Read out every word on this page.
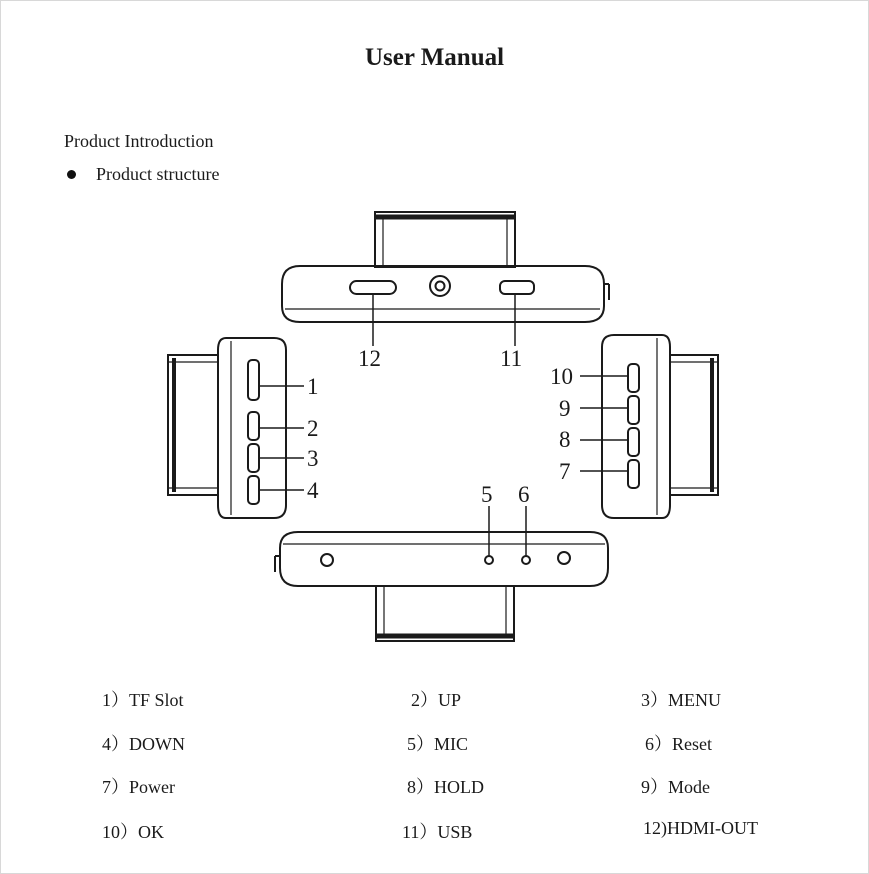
User Manual
Product Introduction
Product structure
12	11
1
2
3
4
10
9
8
7
5 6
1）TF Slot	2）UP	3）MENU
4）DOWN	5）MIC	6）Reset
7）Power	8）HOLD	9）Mode
10）OK	11）USB	12)HDMI-OUT
